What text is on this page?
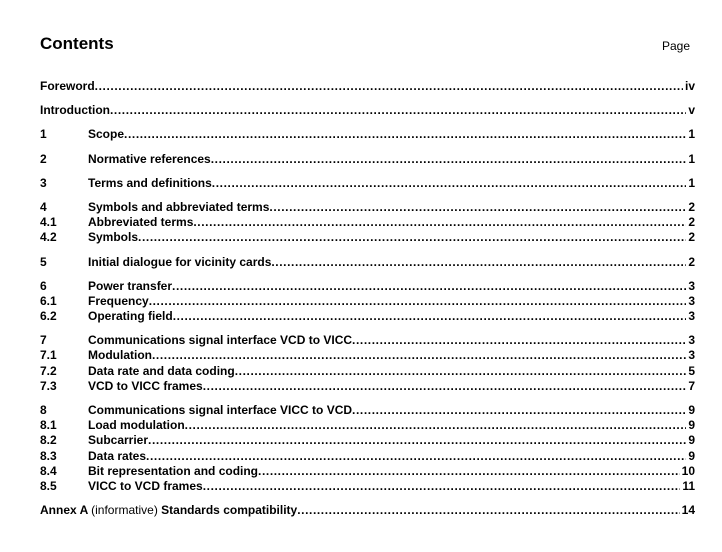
Contents	Page
Foreword .....	iv
Introduction .....	v
1	Scope .....	1
2	Normative references .....	1
3	Terms and definitions .....	1
4	Symbols and abbreviated terms .....	2
4.1	Abbreviated terms .....	2
4.2	Symbols .....	2
5	Initial dialogue for vicinity cards .....	2
6	Power transfer .....	3
6.1	Frequency .....	3
6.2	Operating field .....	3
7	Communications signal interface VCD to VICC .....	3
7.1	Modulation .....	3
7.2	Data rate and data coding .....	5
7.3	VCD to VICC frames .....	7
8	Communications signal interface VICC to VCD .....	9
8.1	Load modulation .....	9
8.2	Subcarrier .....	9
8.3	Data rates .....	9
8.4	Bit representation and coding .....	10
8.5	VICC to VCD frames .....	11
Annex A (informative) Standards compatibility .....	14
